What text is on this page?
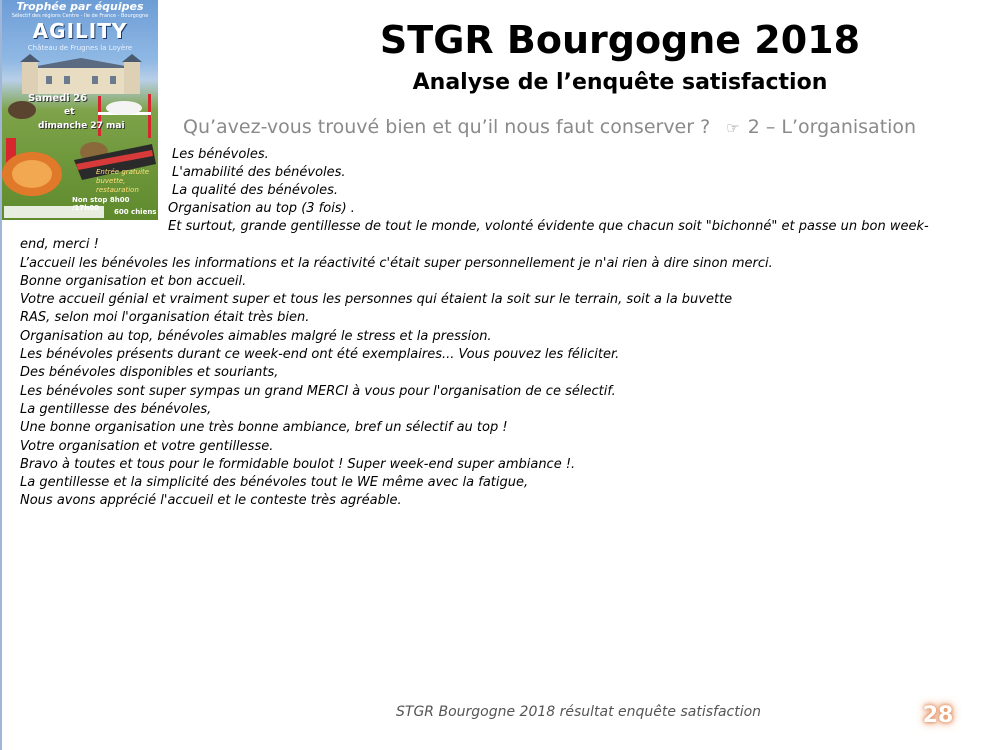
Trophée par équipes
Sélectif des régions Centre - Ile de France - Bourgogne
AGILITY
Château de Frugnes la Loyère
Samedi 26
et
dimanche 27 mai
Entrée gratuite buvette, restauration
Non stop 8h00 /17h00	600 chiens
STGR Bourgogne 2018
Analyse de l’enquête satisfaction
Qu’avez-vous trouvé bien et qu’il nous faut conserver ? ☞ 2 – L’organisation
Les bénévoles.
L'amabilité des bénévoles.
La qualité des bénévoles.
Organisation au top (3 fois) .
Et surtout, grande gentillesse de tout le monde, volonté évidente que chacun soit "bichonné" et passe un bon week-end, merci !
L’accueil les bénévoles les informations et la réactivité c'était super personnellement je n'ai rien à dire sinon merci.
Bonne organisation et bon accueil.
Votre accueil génial et vraiment super et tous les personnes qui étaient la soit sur le terrain, soit a la buvette
RAS, selon moi l'organisation était très bien.
Organisation au top, bénévoles aimables malgré le stress et la pression.
Les bénévoles présents durant ce week-end ont été exemplaires... Vous pouvez les féliciter.
Des bénévoles disponibles et souriants,
Les bénévoles sont super sympas un grand MERCI à vous pour l'organisation de ce sélectif.
La gentillesse des bénévoles,
Une bonne organisation une très bonne ambiance, bref un sélectif au top !
Votre organisation et votre gentillesse.
Bravo à toutes et tous pour le formidable boulot ! Super week-end super ambiance !.
La gentillesse et la simplicité des bénévoles tout le WE même avec la fatigue,
Nous avons apprécié l'accueil et le conteste très agréable.
STGR Bourgogne 2018 résultat enquête satisfaction	28
